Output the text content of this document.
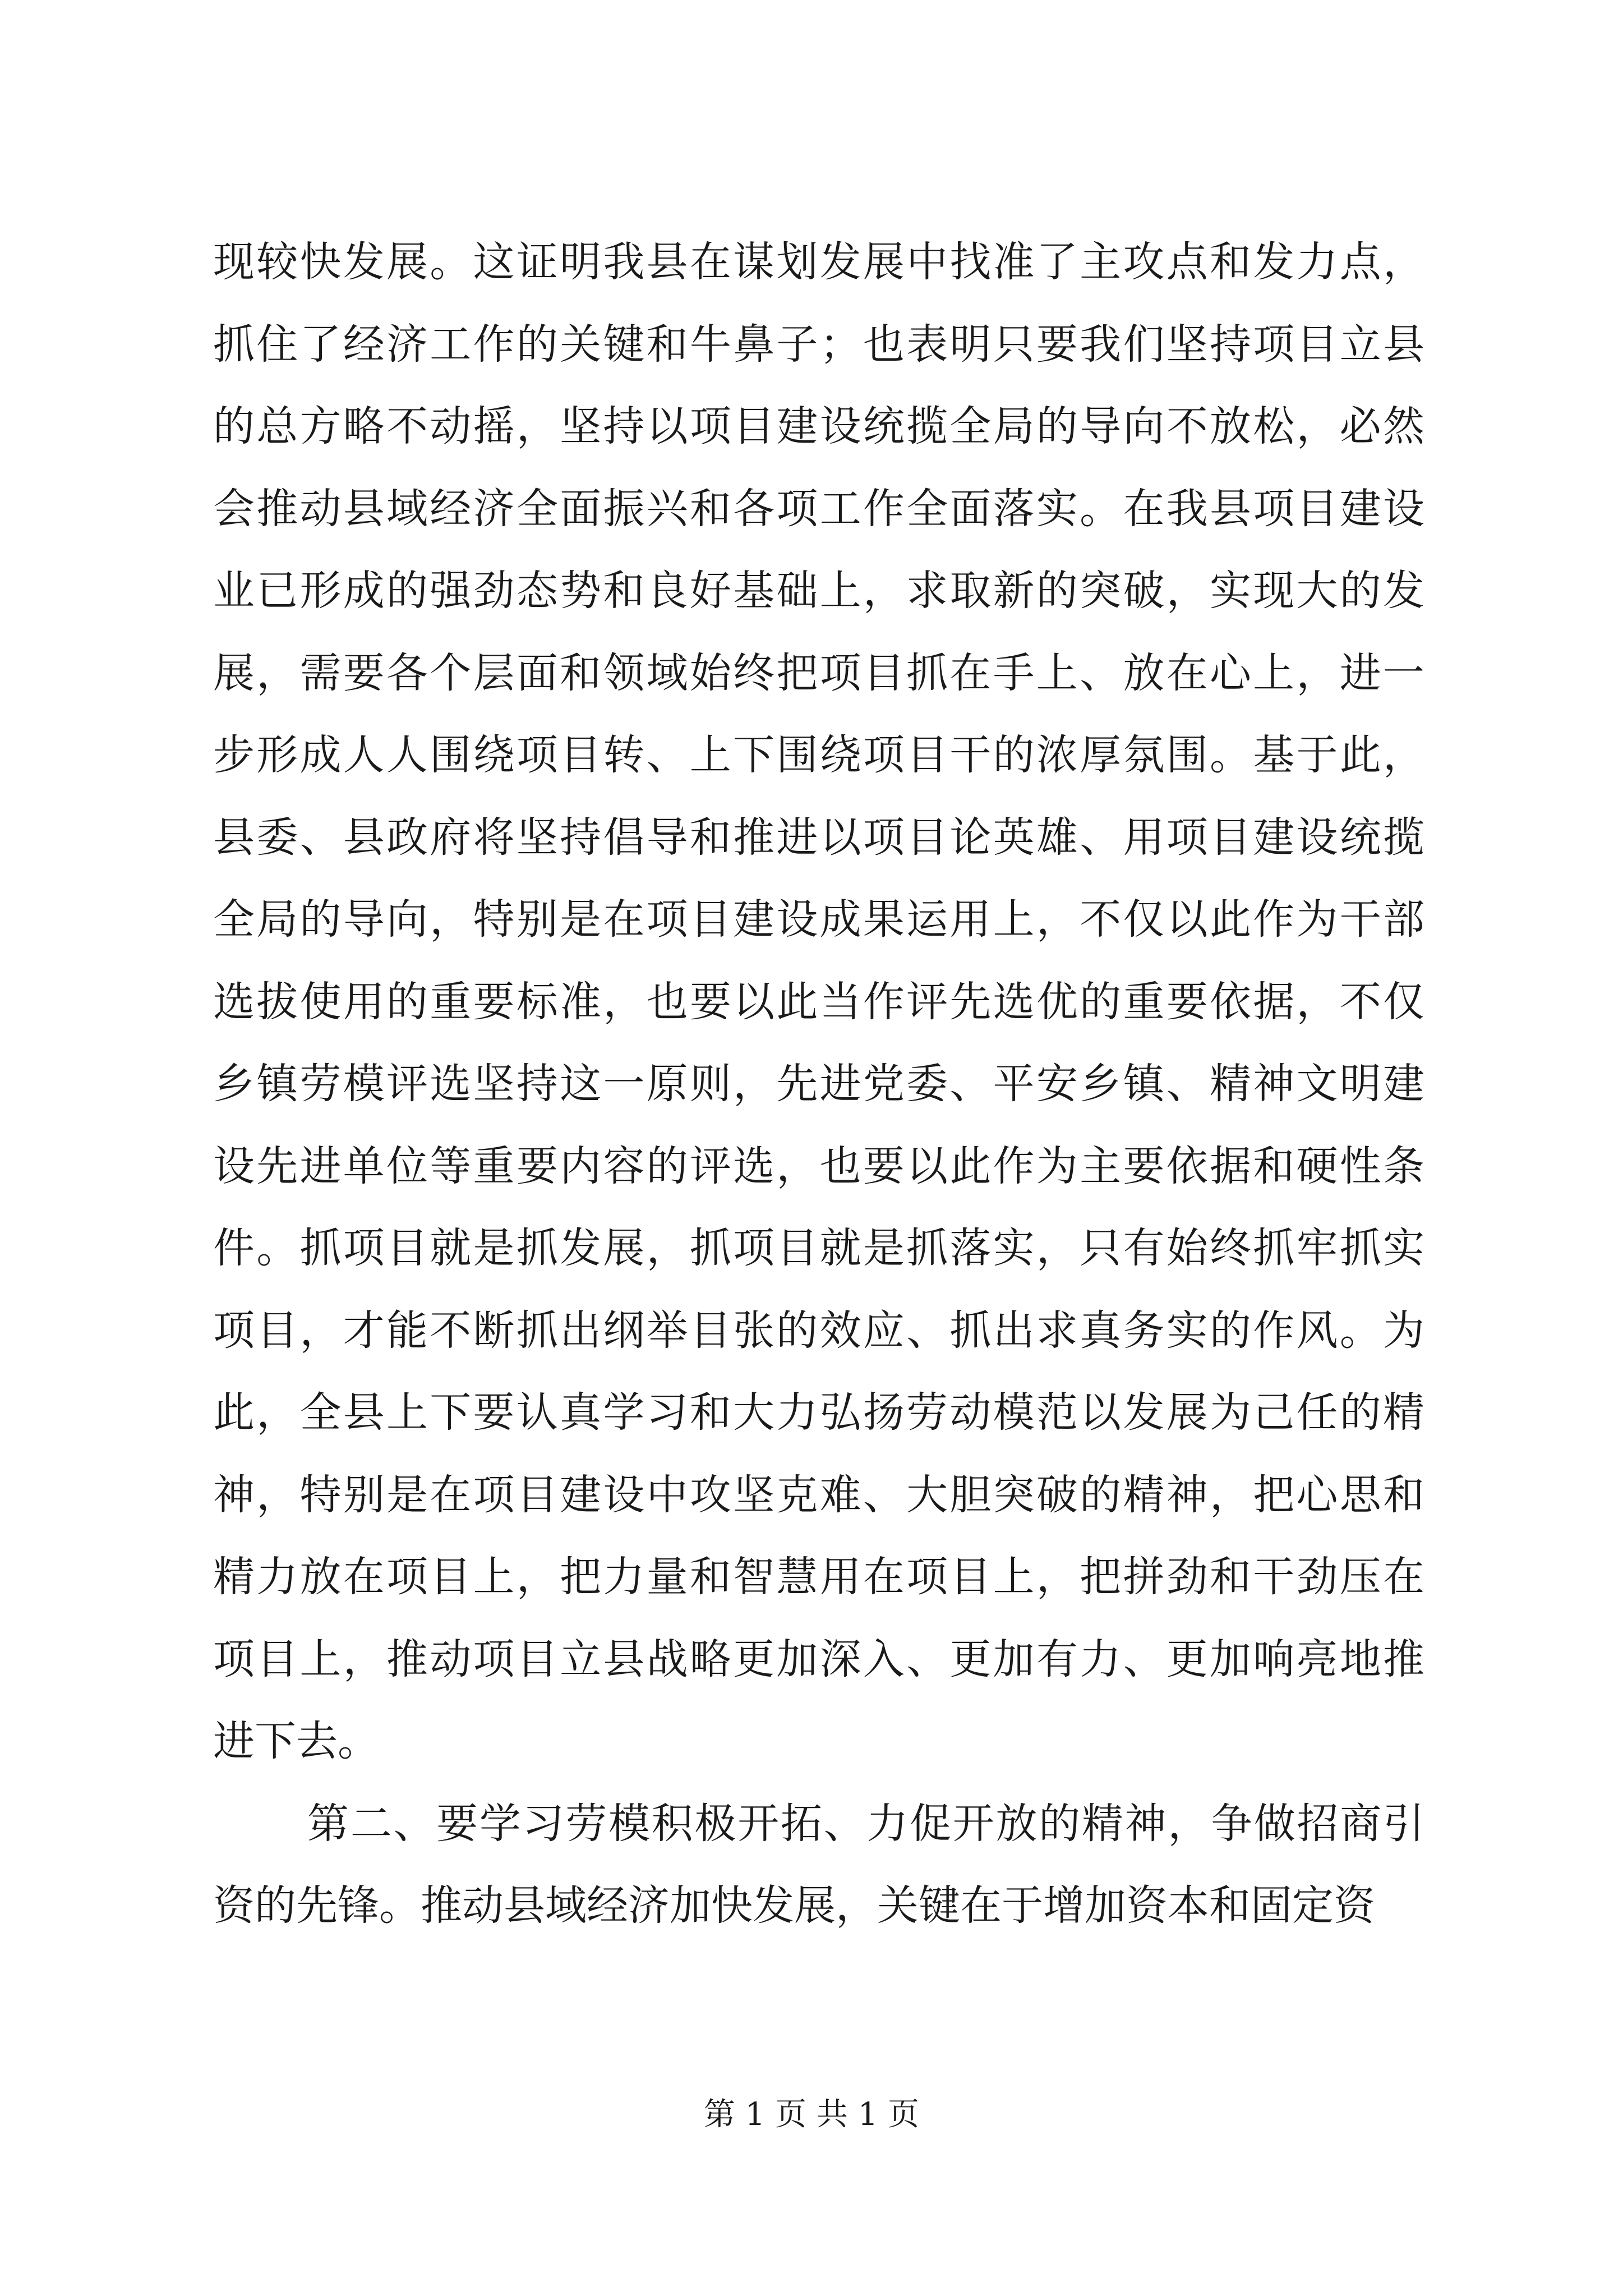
现较快发展。这证明我县在谋划发展中找准了主攻点和发力点，
抓住了经济工作的关键和牛鼻子；也表明只要我们坚持项目立县
的总方略不动摇，坚持以项目建设统揽全局的导向不放松，必然
会推动县域经济全面振兴和各项工作全面落实。在我县项目建设
业已形成的强劲态势和良好基础上，求取新的突破，实现大的发
展，需要各个层面和领域始终把项目抓在手上、放在心上，进一
步形成人人围绕项目转、上下围绕项目干的浓厚氛围。基于此，
县委、县政府将坚持倡导和推进以项目论英雄、用项目建设统揽
全局的导向，特别是在项目建设成果运用上，不仅以此作为干部
选拔使用的重要标准，也要以此当作评先选优的重要依据，不仅
乡镇劳模评选坚持这一原则，先进党委、平安乡镇、精神文明建
设先进单位等重要内容的评选，也要以此作为主要依据和硬性条
件。抓项目就是抓发展，抓项目就是抓落实，只有始终抓牢抓实
项目，才能不断抓出纲举目张的效应、抓出求真务实的作风。为
此，全县上下要认真学习和大力弘扬劳动模范以发展为己任的精
神，特别是在项目建设中攻坚克难、大胆突破的精神，把心思和
精力放在项目上，把力量和智慧用在项目上，把拼劲和干劲压在
项目上，推动项目立县战略更加深入、更加有力、更加响亮地推
进下去。
第二、要学习劳模积极开拓、力促开放的精神，争做招商引
资的先锋。推动县域经济加快发展，关键在于增加资本和固定资
第 1 页 共 1 页
